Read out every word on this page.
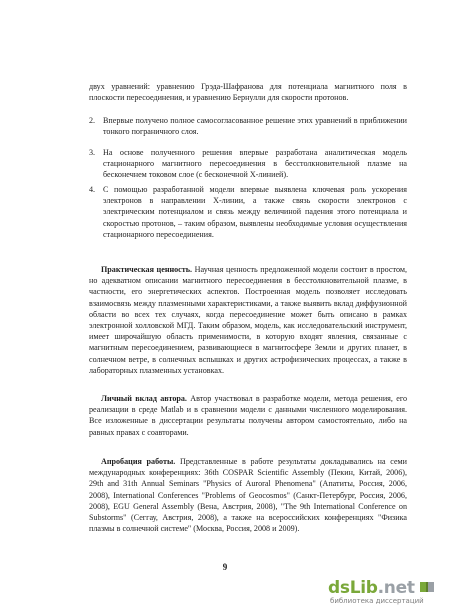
двух уравнений: уравнению Грэда-Шафранова для потенциала магнитного поля в плоскости пересоединения, и уравнению Бернулли для скорости протонов.
2. Впервые получено полное самосогласованное решение этих уравнений в приближении тонкого пограничного слоя.
3. На основе полученного решения впервые разработана аналитическая модель стационарного магнитного пересоединения в бесстолкновительной плазме на бесконечнем токовом слое (с бесконечной X-линией).
4. С помощью разработанной модели впервые выявлена ключевая роль ускорения электронов в направлении X-линии, а также связь скорости электронов с электрическим потенциалом и связь между величиной падения этого потенциала и скоростью протонов, – таким образом, выявлены необходимые условия осуществления стационарного пересоединения.
Практическая ценность. Научная ценность предложенной модели состоит в простом, но адекватном описании магнитного пересоединения в бесстолкновительной плазме, в частности, его энергетических аспектов. Построенная модель позволяет исследовать взаимосвязь между плазменными характеристиками, а также выявить вклад диффузионной области во всех тех случаях, когда пересоединение может быть описано в рамках электронной холловской МГД. Таким образом, модель, как исследовательский инструмент, имеет широчайшую область применимости, в которую входят явления, связанные с магнитным пересоединением, развивающиеся в магнитосфере Земли и других планет, в солнечном ветре, в солнечных вспышках и других астрофизических процессах, а также в лабораторных плазменных установках.
Личный вклад автора. Автор участвовал в разработке модели, метода решения, его реализации в среде Matlab и в сравнении модели с данными численного моделирования. Все изложенные в диссертации результаты получены автором самостоятельно, либо на равных правах с соавторами.
Апробация работы. Представленные в работе результаты докладывались на семи международных конференциях: 36th COSPAR Scientific Assembly (Пекин, Китай, 2006), 29th and 31th Annual Seminars "Physics of Auroral Phenomena" (Апатиты, Россия, 2006, 2008), International Conferences "Problems of Geocosmos" (Санкт-Петербург, Россия, 2006, 2008), EGU General Assembly (Вена, Австрия, 2008), "The 9th International Conference on Substorms" (Сеггау, Австрия, 2008), а также на всероссийских конференциях "Физика плазмы в солнечной системе" (Москва, Россия, 2008 и 2009).
9
dsLib.net
библиотека диссертаций
